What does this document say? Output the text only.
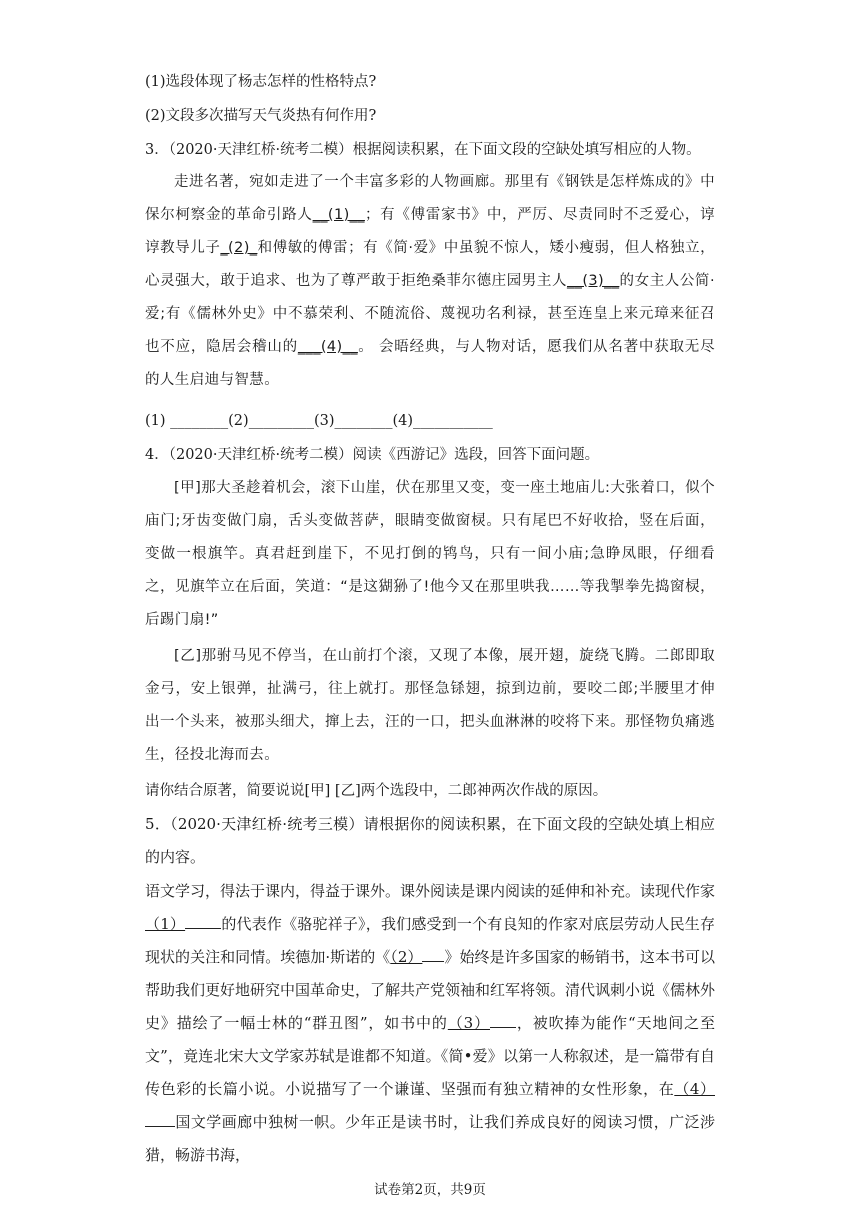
(1)选段体现了杨志怎样的性格特点?
(2)文段多次描写天气炎热有何作用?
3．（2020·天津红桥·统考二模）根据阅读积累，在下面文段的空缺处填写相应的人物。
走进名著，宛如走进了一个丰富多彩的人物画廊。那里有《钢铁是怎样炼成的》中保尔柯察金的革命引路人__(1)__；有《傅雷家书》中，严厉、尽责同时不乏爱心，谆谆教导儿子_(2)_和傅敏的傅雷；有《简·爱》中虽貌不惊人，矮小瘦弱，但人格独立，心灵强大，敢于追求、也为了尊严敢于拒绝桑菲尔德庄园男主人__(3)__的女主人公简·爱;有《儒林外史》中不慕荣利、不随流俗、蔑视功名利禄，甚至连皇上来元璋来征召也不应，隐居会稽山的___(4)__。 会晤经典，与人物对话，愿我们从名著中获取无尽的人生启迪与智慧。
(1) ________(2)_________(3)________(4)___________
4．（2020·天津红桥·统考二模）阅读《西游记》选段，回答下面问题。
[甲]那大圣趁着机会，滚下山崖，伏在那里又变，变一座土地庙儿:大张着口，似个庙门;牙齿变做门扇，舌头变做菩萨，眼睛变做窗棂。只有尾巴不好收拾，竖在后面，变做一根旗竿。真君赶到崖下，不见打倒的鸨鸟，只有一间小庙;急睁凤眼，仔细看之，见旗竿立在后面，笑道：“是这猢狲了!他今又在那里哄我……等我掣拳先捣窗棂，后踢门扇!”
[乙]那驸马见不停当，在山前打个滚，又现了本像，展开翅，旋绕飞腾。二郎即取金弓，安上银弹，扯满弓，往上就打。那怪急铩翅，掠到边前，要咬二郎;半腰里才伸出一个头来，被那头细犬，撺上去，汪的一口，把头血淋淋的咬将下来。那怪物负痛逃生，径投北海而去。
请你结合原著，简要说说[甲] [乙]两个选段中，二郎神两次作战的原因。
5．（2020·天津红桥·统考三模）请根据你的阅读积累，在下面文段的空缺处填上相应的内容。
语文学习，得法于课内，得益于课外。课外阅读是课内阅读的延伸和补充。读现代作家（1） 的代表作《骆驼祥子》，我们感受到一个有良知的作家对底层劳动人民生存现状的关注和同情。埃德加·斯诺的《（2） 》始终是许多国家的畅销书，这本书可以帮助我们更好地研究中国革命史，了解共产党领袖和红军将领。清代讽刺小说《儒林外史》描绘了一幅士林的“群丑图”，如书中的（3） ，被吹捧为能作“天地间之至文”，竟连北宋大文学家苏轼是谁都不知道。《简•爱》以第一人称叙述，是一篇带有自传色彩的长篇小说。小说描写了一个谦谨、坚强而有独立精神的女性形象，在（4）国文学画廊中独树一帜。少年正是读书时，让我们养成良好的阅读习惯，广泛涉猎，畅游书海，
试卷第2页，共9页
